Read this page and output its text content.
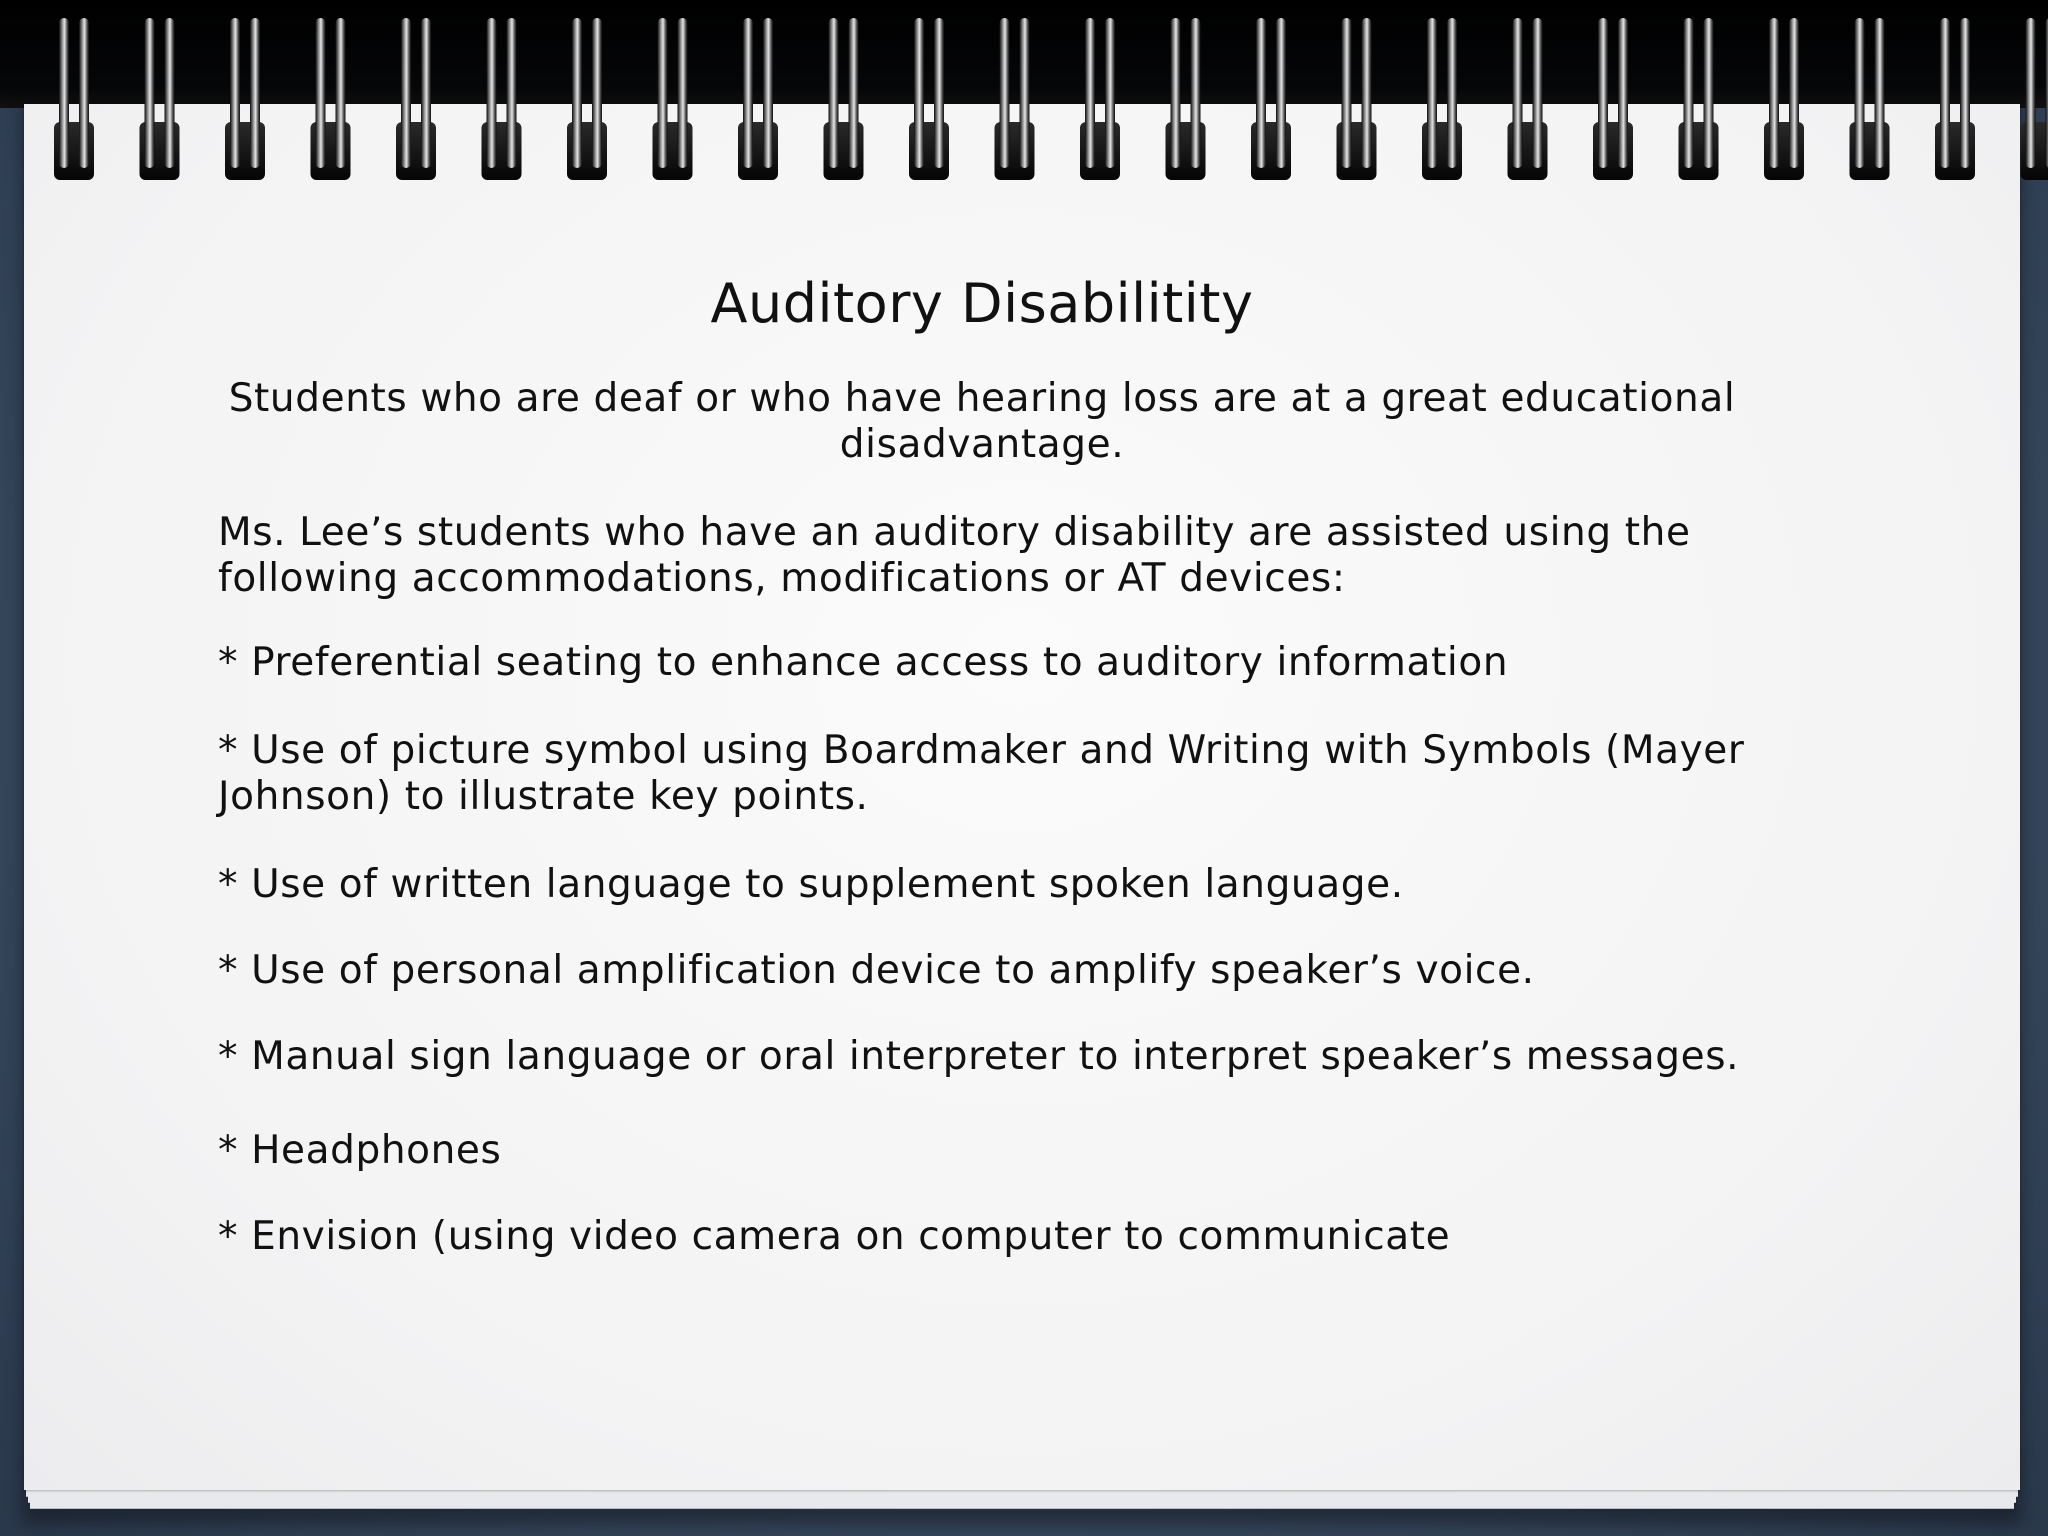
Auditory Disabilitity

Students who are deaf or who have hearing loss are at a great educational disadvantage.

Ms. Lee’s students who have an auditory disability are assisted using the following accommodations, modifications or AT devices:

* Preferential seating to enhance access to auditory information

* Use of picture symbol using Boardmaker and Writing with Symbols (Mayer Johnson) to illustrate key points.

* Use of written language to supplement spoken language.

* Use of personal amplification device to amplify speaker’s voice.

* Manual sign language or oral interpreter to interpret speaker’s messages.

* Headphones

* Envision (using video camera on computer to communicate
